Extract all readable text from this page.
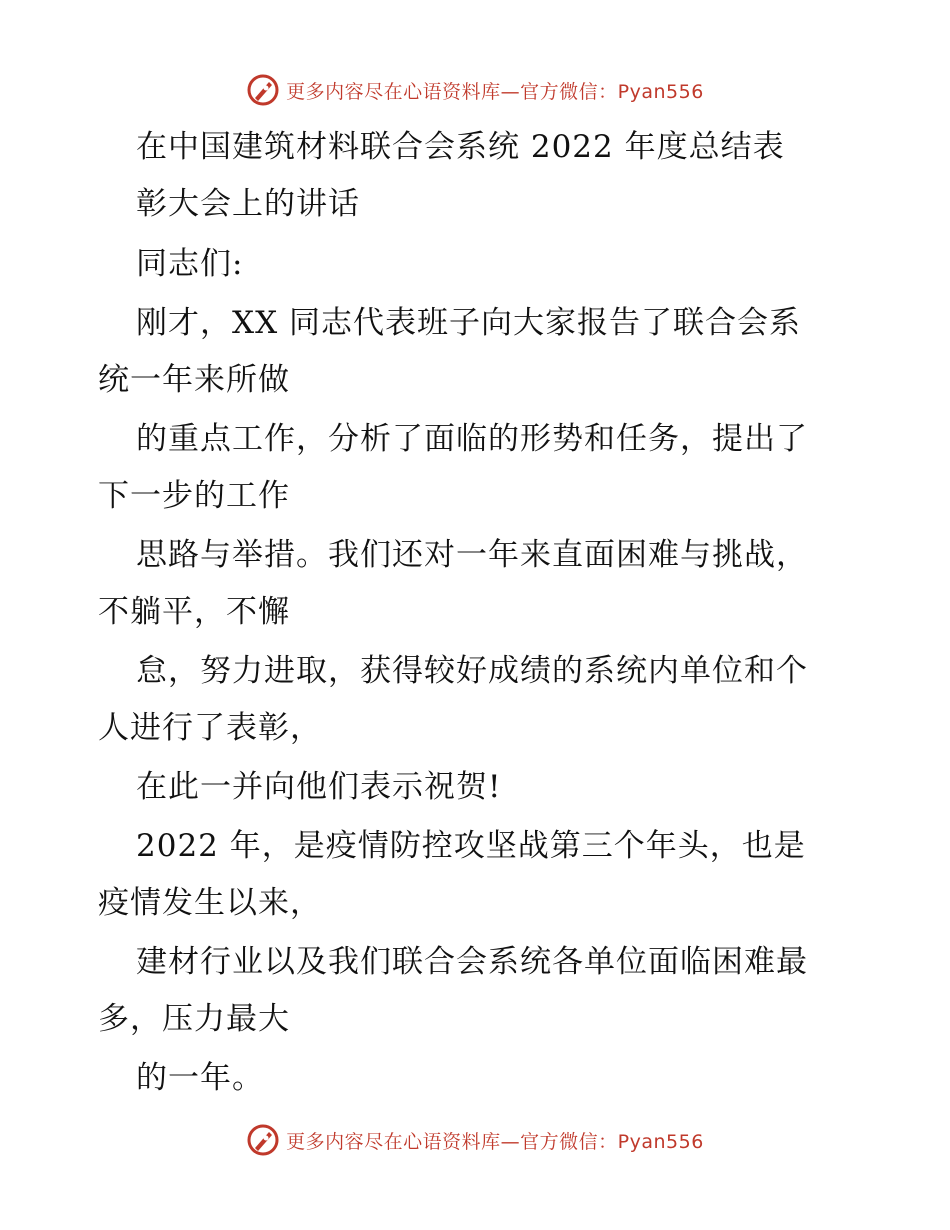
更多内容尽在心语资料库—官方微信：Pyan556
在中国建筑材料联合会系统 2022 年度总结表
彰大会上的讲话
同志们:
刚才，XX 同志代表班子向大家报告了联合会系
统一年来所做
的重点工作，分析了面临的形势和任务，提出了
下一步的工作
思路与举措。我们还对一年来直面困难与挑战，
不躺平，不懈
怠，努力进取，获得较好成绩的系统内单位和个
人进行了表彰，
在此一并向他们表示祝贺!
2022 年，是疫情防控攻坚战第三个年头，也是
疫情发生以来，
建材行业以及我们联合会系统各单位面临困难最
多，压力最大
的一年。
更多内容尽在心语资料库—官方微信：Pyan556
